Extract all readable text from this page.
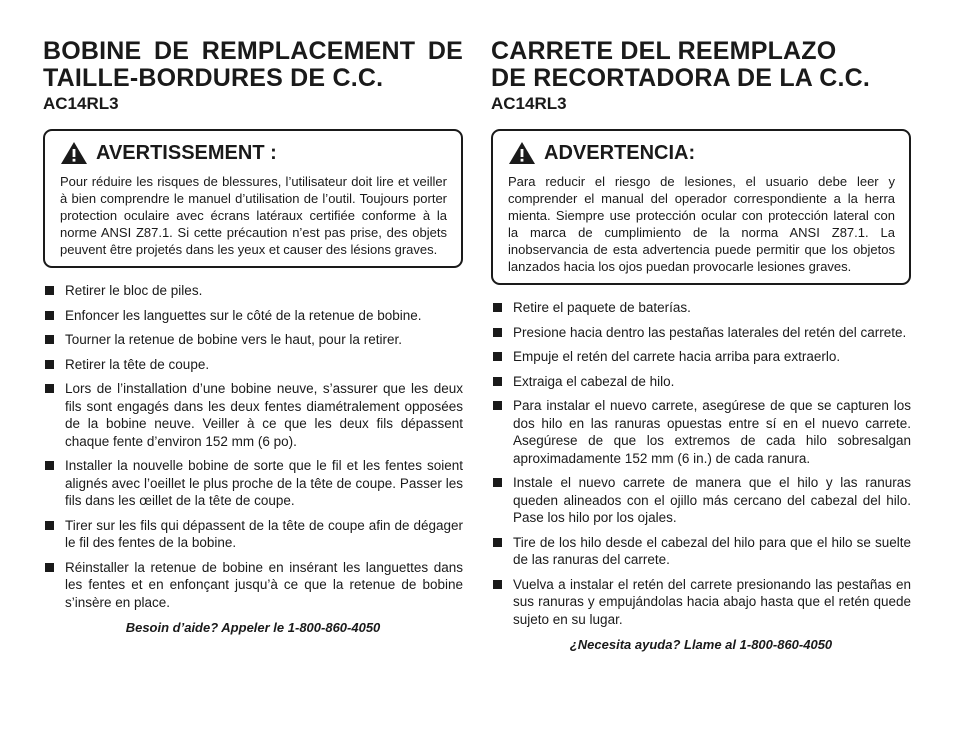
BOBINE DE REMPLACEMENT DE
TAILLE-BORDURES DE C.C.
AC14RL3
AVERTISSEMENT :
Pour réduire les risques de blessures, l’utilisateur doit lire et veiller à bien comprendre le manuel d’utilisation de l’outil. Toujours porter protection oculaire avec écrans latéraux certifiée conforme à la norme ANSI Z87.1. Si cette précaution n’est pas prise, des objets peuvent être projetés dans les yeux et causer des lésions graves.
Retirer le bloc de piles.
Enfoncer les languettes sur le côté de la retenue de bobine.
Tourner la retenue de bobine vers le haut, pour la retirer.
Retirer la tête de coupe.
Lors de l’installation d’une bobine neuve, s’assurer que les deux fils sont engagés dans les deux fentes diamétralement opposées de la bobine neuve. Veiller à ce que les deux fils dépassent chaque fente d’environ 152 mm (6 po).
Installer la nouvelle bobine de sorte que le fil et les fentes soient alignés avec l’oeillet le plus proche de la tête de coupe. Passer les fils dans les œillet de la tête de coupe.
Tirer sur les fils qui dépassent de la tête de coupe afin de dégager le fil des fentes de la bobine.
Réinstaller la retenue de bobine en insérant les languettes dans les fentes et en enfonçant jusqu’à ce que la retenue de bobine s’insère en place.
Besoin d’aide? Appeler le 1-800-860-4050
CARRETE DEL REEMPLAZO
DE RECORTADORA DE LA C.C.
AC14RL3
ADVERTENCIA:
Para reducir el riesgo de lesiones, el usuario debe leer y comprender el manual del operador correspondiente a la herra mienta. Siempre use protección ocular con protección lateral con la marca de cumplimiento de la norma ANSI Z87.1. La inobservancia de esta advertencia puede permitir que los objetos lanzados hacia los ojos puedan provocarle lesiones graves.
Retire el paquete de baterías.
Presione hacia dentro las pestañas laterales del retén del carrete.
Empuje el retén del carrete hacia arriba para extraerlo.
Extraiga el cabezal de hilo.
Para instalar el nuevo carrete, asegúrese de que se capturen los dos hilo en las ranuras opuestas entre sí en el nuevo carrete. Asegúrese de que los extremos de cada hilo sobresalgan aproximadamente 152 mm (6 in.) de cada ranura.
Instale el nuevo carrete de manera que el hilo y las ranuras queden alineados con el ojillo más cercano del cabezal del hilo. Pase los hilo por los ojales.
Tire de los hilo desde el cabezal del hilo para que el hilo se suelte de las ranuras del carrete.
Vuelva a instalar el retén del carrete presionando las pestañas en sus ranuras y empujándolas hacia abajo hasta que el retén quede sujeto en su lugar.
¿Necesita ayuda? Llame al 1-800-860-4050
